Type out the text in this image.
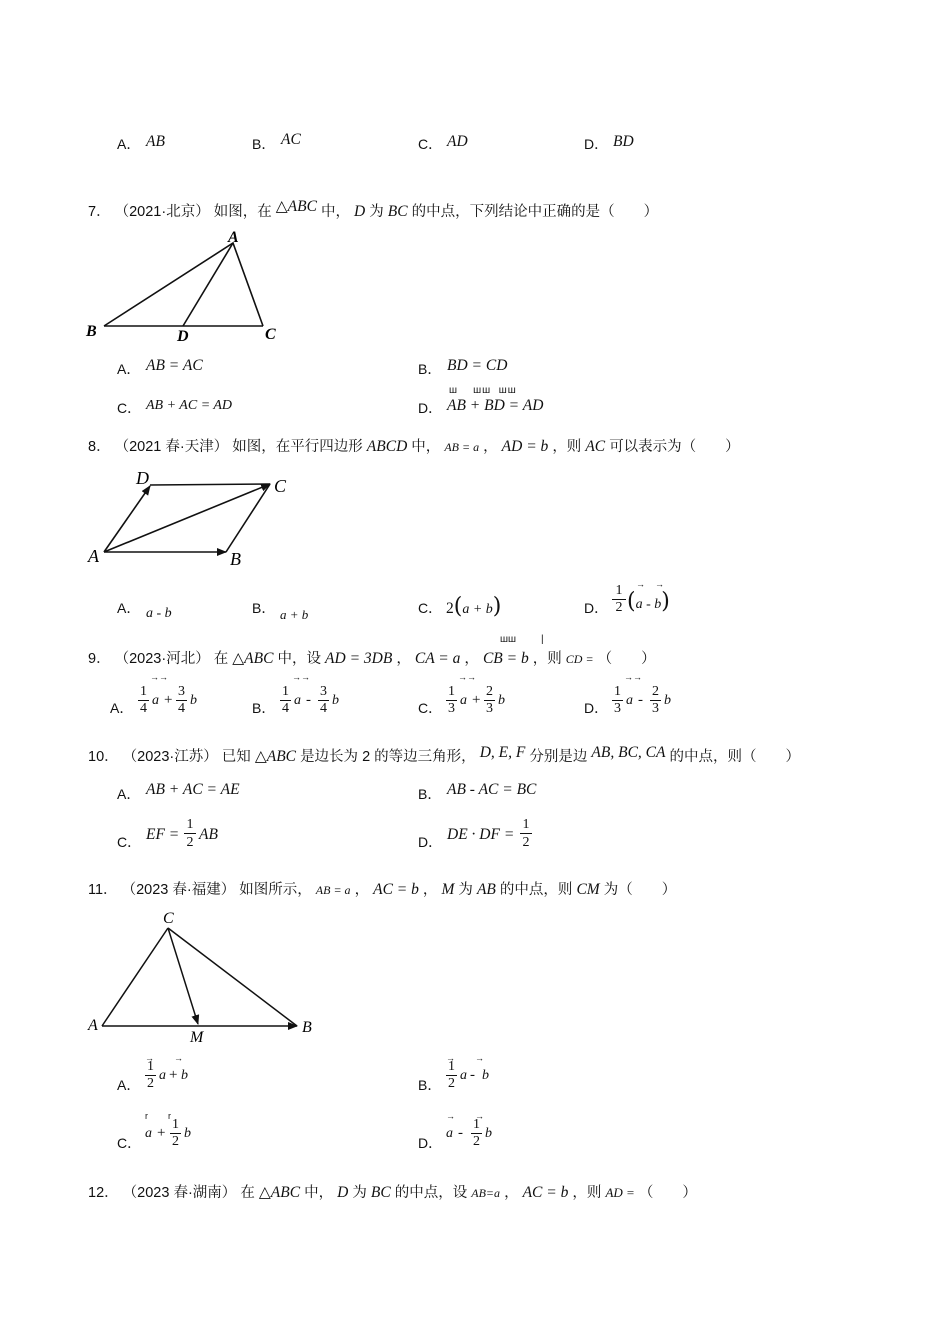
A． AB	B． AC	C． AD	D． BD
7． （2021·北京） 如图，在 △ABC 中， D 为 BC 的中点，下列结论中正确的是（　　）
A
B	C
D
A． AB = AC	B． BD = CD
C． AB + AC = AD	D． AB + BD = AD
ш    шш  шш
8． （2021 春·天津） 如图，在平行四边形 ABCD 中， AB = a ， AD = b ，则 AC 可以表示为（　　）
A	B
C
D
A． a - b	B． a + b	C． 2(a + b)	D． $\frac{1}{2} (a - b)$
→    →
9． （2023·河北） 在 △ABC 中，设 AD = 3DB ， CA = a ， CB = b ，则 CD = （　　）
шш         |
A． $\frac{1}{4}$ $a + \frac{3}{4}$ b
→→
B． $\frac{1}{4}$ a - $\frac{3}{4}$ b
→→
C． $\frac{1}{3}$ $a + \frac{2}{3}$ b
→→
D． $\frac{1}{3}$ a - $\frac{2}{3}$ b
→→
10． （2023·江苏） 已知 △ABC 是边长为 2 的等边三角形， D, E, F 分别是边 AB, BC, CA 的中点，则（　　）
A． AB + AC = AE	B． AB - AC = BC
C． EF = $\frac{1}{2}$ AB	D． DE · DF = $\frac{1}{2}$
11． （2023 春·福建） 如图所示， AB = a ， AC = b ， M 为 AB 的中点，则 CM 为（　　）
C
A
M
B
A． $\frac{1}{2}$ a + b
→        →
B． $\frac{1}{2}$ a - b
→        →
C．
$a + \frac{1}{2}$ b
r        r
D．
a - $\frac{1}{2}$ b
→        →
12． （2023 春·湖南） 在 △ABC 中， D 为 BC 的中点，设 AB=a ， AC = b ，则 AD = （　　）
